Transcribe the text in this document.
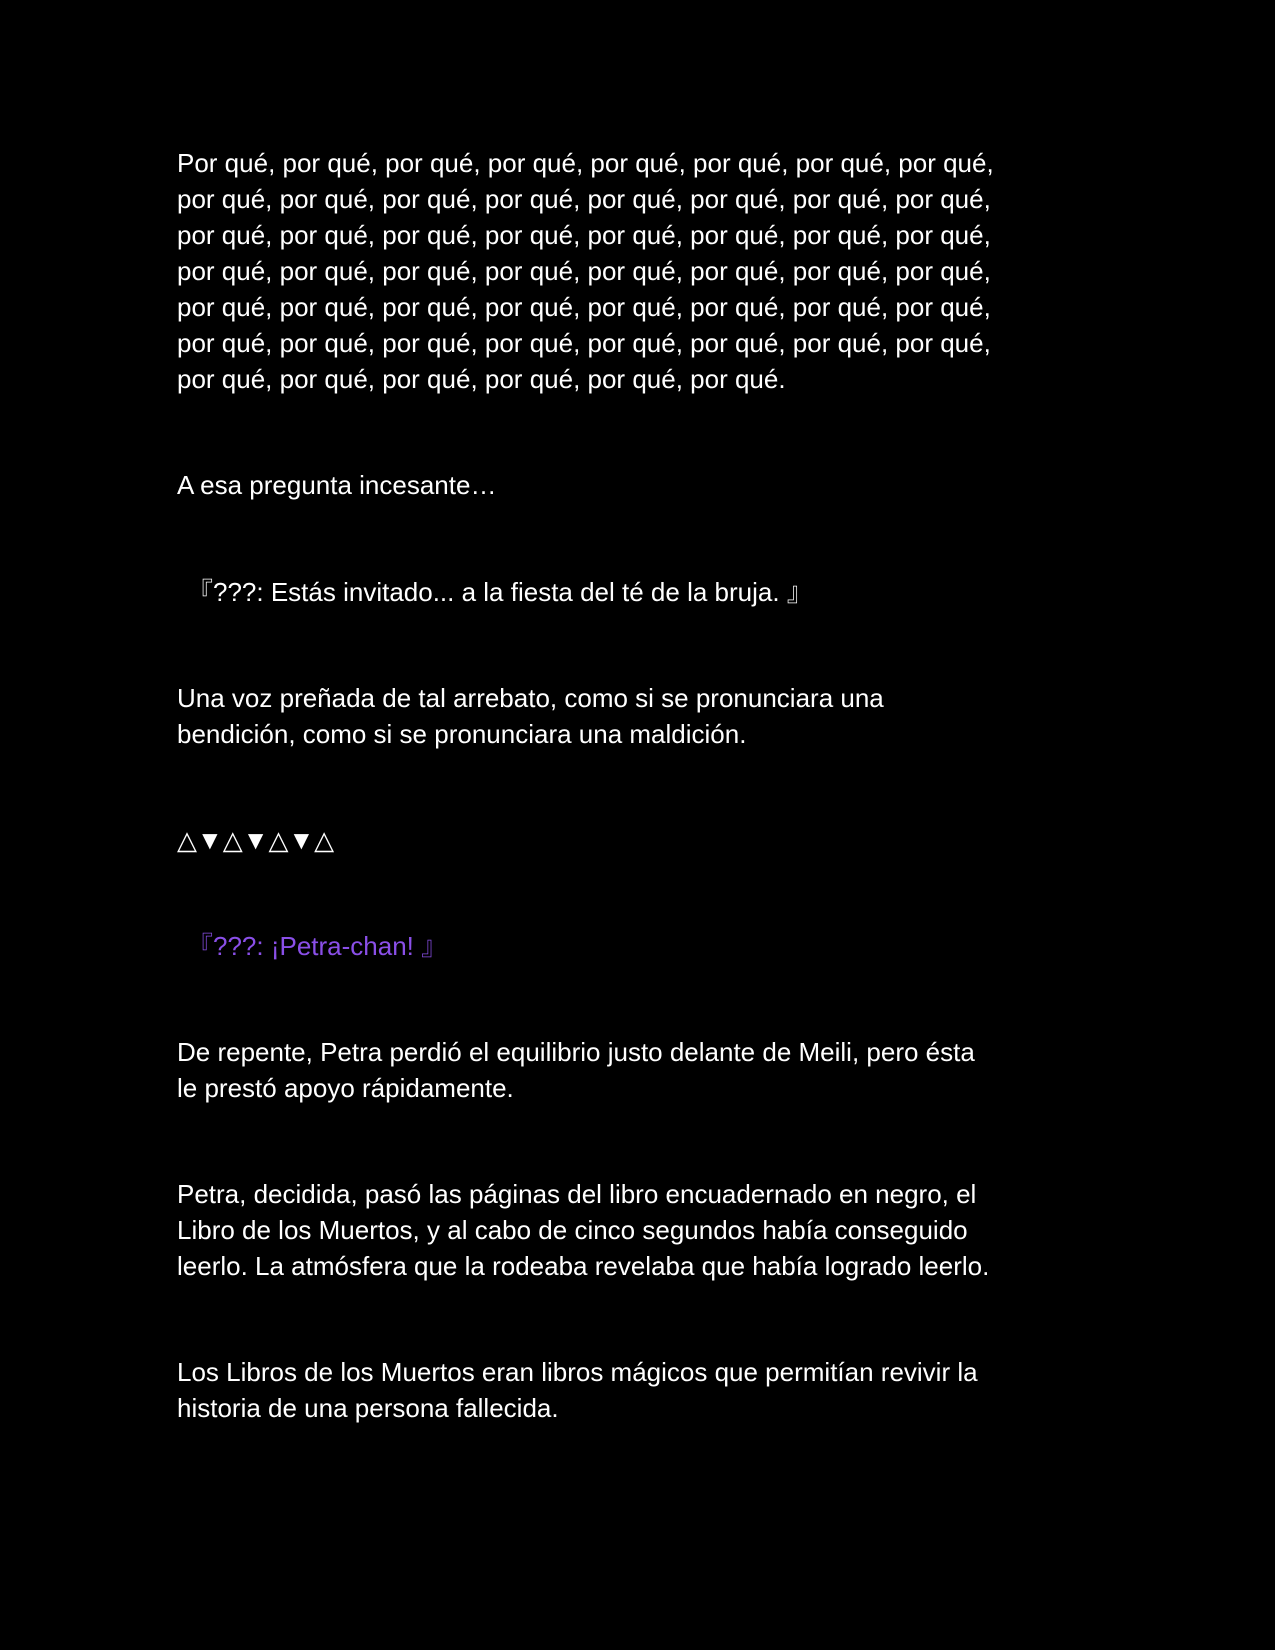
Por qué, por qué, por qué, por qué, por qué, por qué, por qué, por qué,
por qué, por qué, por qué, por qué, por qué, por qué, por qué, por qué,
por qué, por qué, por qué, por qué, por qué, por qué, por qué, por qué,
por qué, por qué, por qué, por qué, por qué, por qué, por qué, por qué,
por qué, por qué, por qué, por qué, por qué, por qué, por qué, por qué,
por qué, por qué, por qué, por qué, por qué, por qué, por qué, por qué,
por qué, por qué, por qué, por qué, por qué, por qué.

A esa pregunta incesante…

『???: Estás invitado... a la fiesta del té de la bruja. 』

Una voz preñada de tal arrebato, como si se pronunciara una
bendición, como si se pronunciara una maldición.

△▼△▼△▼△

『???: ¡Petra-chan! 』

De repente, Petra perdió el equilibrio justo delante de Meili, pero ésta
le prestó apoyo rápidamente.

Petra, decidida, pasó las páginas del libro encuadernado en negro, el
Libro de los Muertos, y al cabo de cinco segundos había conseguido
leerlo. La atmósfera que la rodeaba revelaba que había logrado leerlo.

Los Libros de los Muertos eran libros mágicos que permitían revivir la
historia de una persona fallecida.
